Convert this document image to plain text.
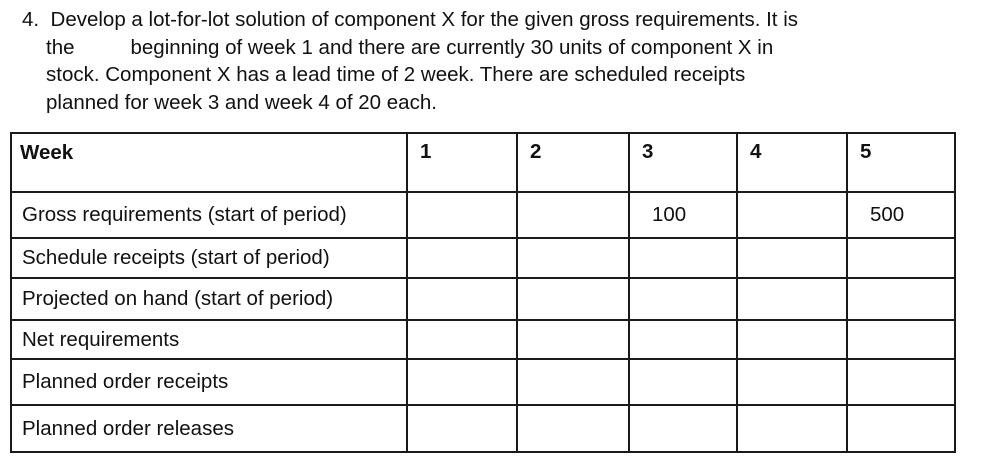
4. Develop a lot-for-lot solution of component X for the given gross requirements. It is
the	beginning of week 1 and there are currently 30 units of component X in
stock. Component X has a lead time of 2 week. There are scheduled receipts
planned for week 3 and week 4 of 20 each.
Week	1	2	3	4	5
Gross requirements (start of period)			100		500
Schedule receipts (start of period)					
Projected on hand (start of period)					
Net requirements					
Planned order receipts					
Planned order releases					
